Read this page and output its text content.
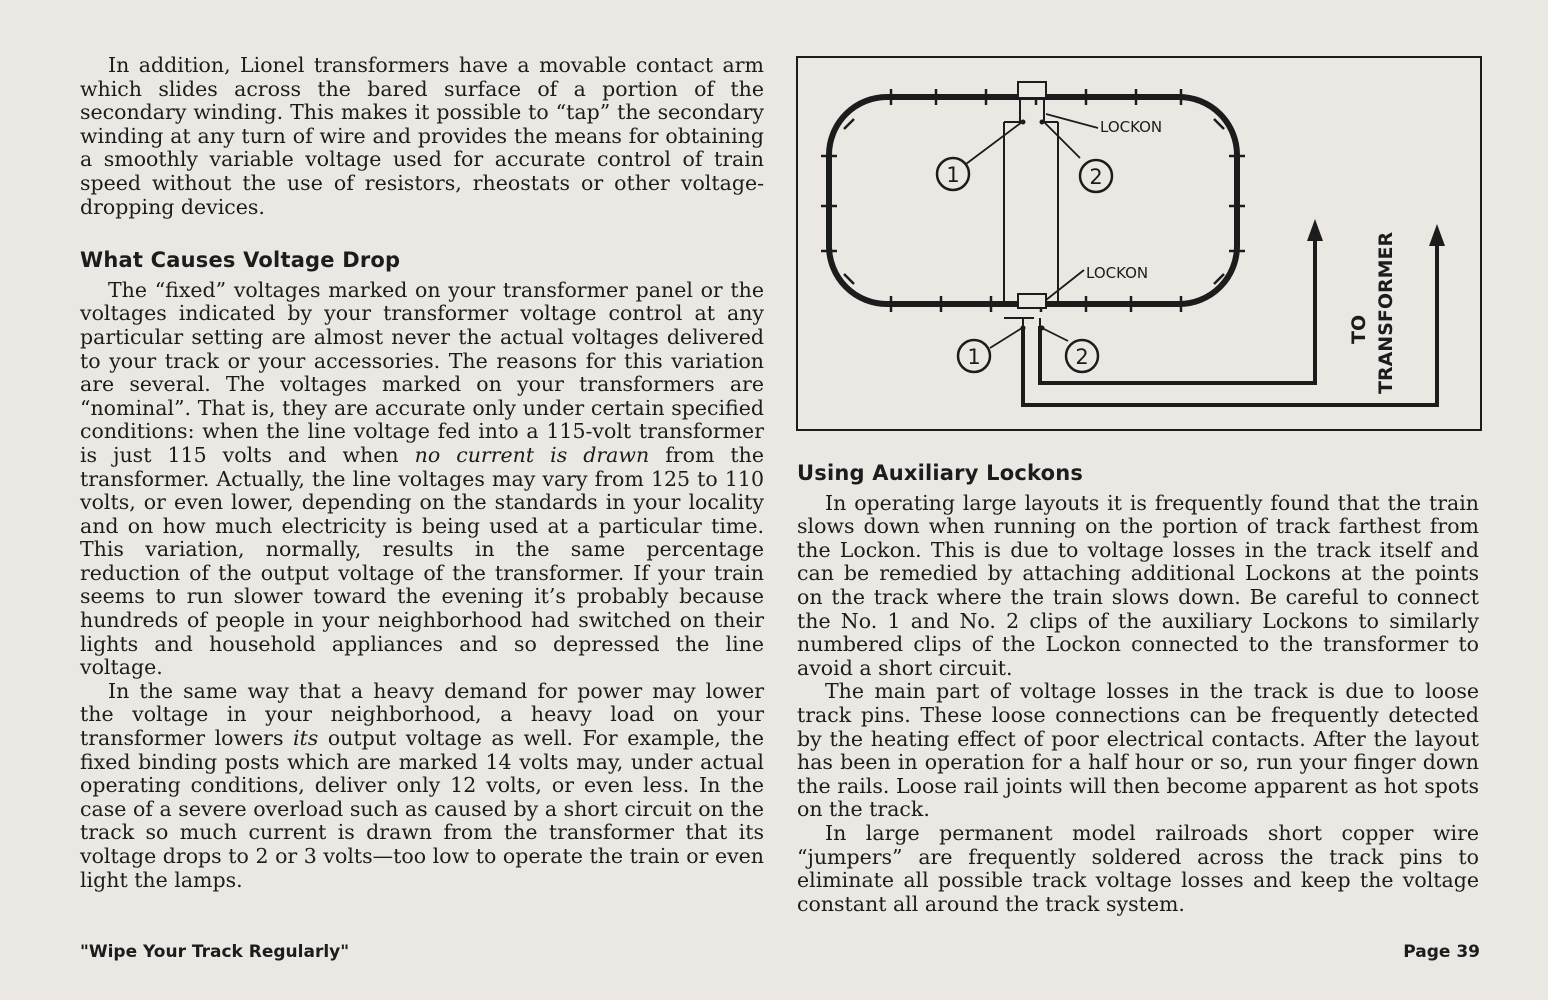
In addition, Lionel transformers have a movable contact arm which slides across the bared surface of a portion of the secondary winding. This makes it possible to “tap” the secondary winding at any turn of wire and provides the means for obtaining a smoothly variable voltage used for accurate control of train speed without the use of resistors, rheostats or other voltage-dropping devices.

What Causes Voltage Drop

The “fixed” voltages marked on your transformer panel or the voltages indicated by your transformer voltage control at any particular setting are almost never the actual voltages delivered to your track or your accessories. The reasons for this variation are several. The voltages marked on your transformers are “nominal”. That is, they are accurate only under certain specified conditions: when the line voltage fed into a 115-volt transformer is just 115 volts and when no current is drawn from the transformer. Actually, the line voltages may vary from 125 to 110 volts, or even lower, depending on the standards in your locality and on how much electricity is being used at a particular time. This variation, normally, results in the same percentage reduction of the output voltage of the transformer. If your train seems to run slower toward the evening it’s probably because hundreds of people in your neighborhood had switched on their lights and household appliances and so depressed the line voltage.

In the same way that a heavy demand for power may lower the voltage in your neighborhood, a heavy load on your transformer lowers its output voltage as well. For example, the fixed binding posts which are marked 14 volts may, under actual operating conditions, deliver only 12 volts, or even less. In the case of a severe overload such as caused by a short circuit on the track so much current is drawn from the transformer that its voltage drops to 2 or 3 volts—too low to operate the train or even light the lamps.

LOCKON
LOCKON
1	2
1	2
TO TRANSFORMER
Using Auxiliary Lockons

In operating large layouts it is frequently found that the train slows down when running on the portion of track farthest from the Lockon. This is due to voltage losses in the track itself and can be remedied by attaching additional Lockons at the points on the track where the train slows down. Be careful to connect the No. 1 and No. 2 clips of the auxiliary Lockons to similarly numbered clips of the Lockon connected to the transformer to avoid a short circuit.

The main part of voltage losses in the track is due to loose track pins. These loose connections can be frequently detected by the heating effect of poor electrical contacts. After the layout has been in operation for a half hour or so, run your finger down the rails. Loose rail joints will then become apparent as hot spots on the track.

In large permanent model railroads short copper wire “jumpers” are frequently soldered across the track pins to eliminate all possible track voltage losses and keep the voltage constant all around the track system.

"Wipe Your Track Regularly"	Page 39
